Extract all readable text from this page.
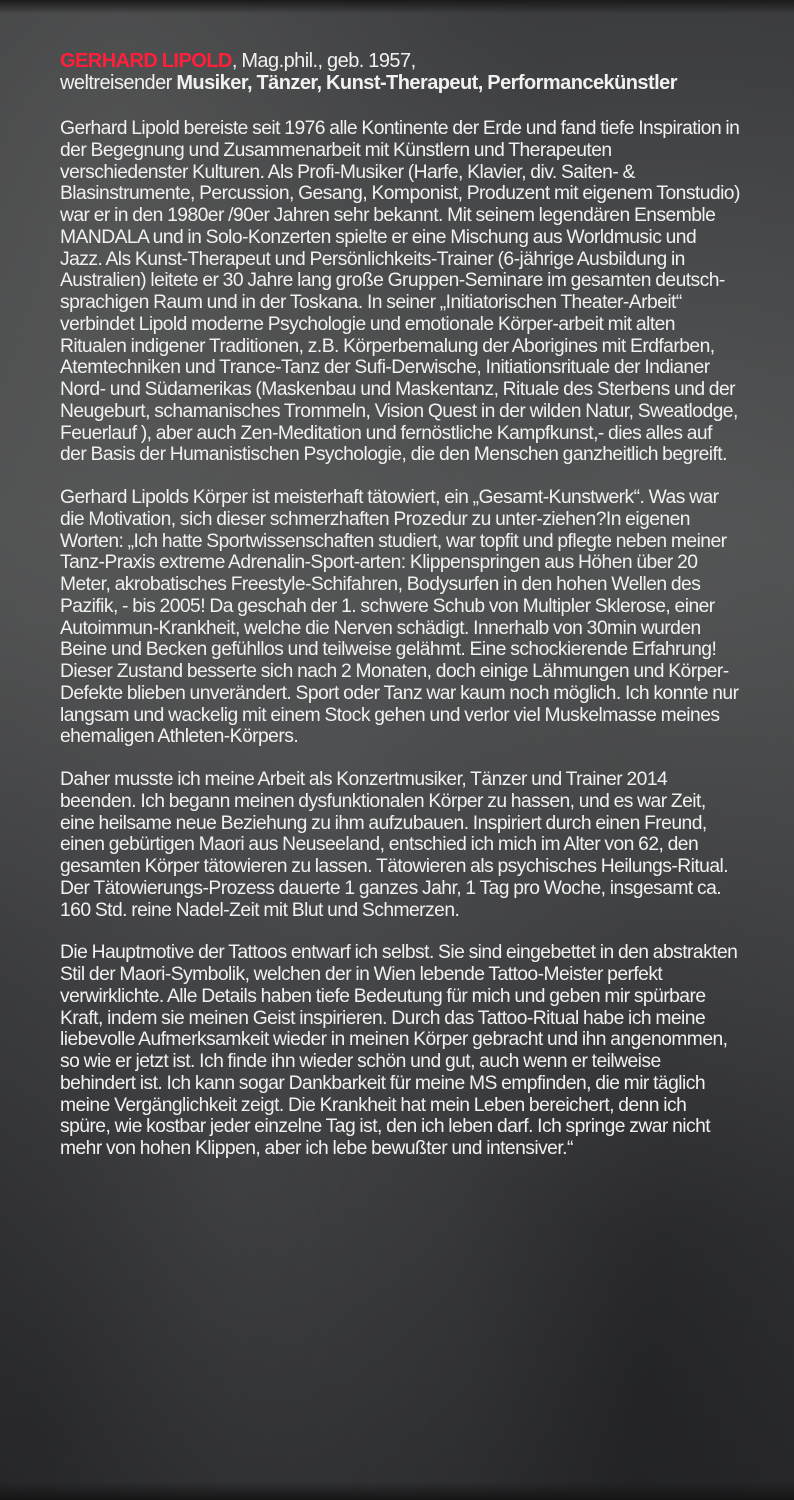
GERHARD LIPOLD, Mag.phil., geb. 1957,
weltreisender Musiker, Tänzer, Kunst-Therapeut, Performancekünstler

Gerhard Lipold bereiste seit 1976 alle Kontinente der Erde und fand tiefe Inspiration in der Begegnung und Zusammenarbeit mit Künstlern und Therapeuten verschiedenster Kulturen. Als Profi-Musiker (Harfe, Klavier, div. Saiten- & Blasinstrumente, Percussion, Gesang, Komponist, Produzent mit eigenem Tonstudio) war er in den 1980er /90er Jahren sehr bekannt. Mit seinem legendären Ensemble MANDALA und in Solo-Konzerten spielte er eine Mischung aus Worldmusic und Jazz. Als Kunst-Therapeut und Persönlichkeits-Trainer (6-jährige Ausbildung in Australien) leitete er 30 Jahre lang große Gruppen-Seminare im gesamten deutsch-sprachigen Raum und in der Toskana. In seiner „Initiatorischen Theater-Arbeit“ verbindet Lipold moderne Psychologie und emotionale Körper-arbeit mit alten Ritualen indigener Traditionen, z.B. Körperbemalung der Aborigines mit Erdfarben, Atemtechniken und Trance-Tanz der Sufi-Derwische, Initiationsrituale der Indianer Nord- und Südamerikas (Maskenbau und Maskentanz, Rituale des Sterbens und der Neugeburt, schamanisches Trommeln, Vision Quest in der wilden Natur, Sweatlodge, Feuerlauf ), aber auch Zen-Meditation und fernöstliche Kampfkunst,- dies alles auf der Basis der Humanistischen Psychologie, die den Menschen ganzheitlich begreift.

Gerhard Lipolds Körper ist meisterhaft tätowiert, ein „Gesamt-Kunstwerk“. Was war die Motivation, sich dieser schmerzhaften Prozedur zu unter-ziehen?In eigenen Worten: „Ich hatte Sportwissenschaften studiert, war topfit und pflegte neben meiner Tanz-Praxis extreme Adrenalin-Sport-arten: Klippenspringen aus Höhen über 20 Meter, akrobatisches Freestyle-Schifahren, Bodysurfen in den hohen Wellen des Pazifik, - bis 2005! Da geschah der 1. schwere Schub von Multipler Sklerose, einer Autoimmun-Krankheit, welche die Nerven schädigt. Innerhalb von 30min wurden Beine und Becken gefühllos und teilweise gelähmt. Eine schockierende Erfahrung! Dieser Zustand besserte sich nach 2 Monaten, doch einige Lähmungen und Körper-Defekte blieben unverändert. Sport oder Tanz war kaum noch möglich. Ich konnte nur langsam und wackelig mit einem Stock gehen und verlor viel Muskelmasse meines ehemaligen Athleten-Körpers.

Daher musste ich meine Arbeit als Konzertmusiker, Tänzer und Trainer 2014 beenden. Ich begann meinen dysfunktionalen Körper zu hassen, und es war Zeit, eine heilsame neue Beziehung zu ihm aufzubauen. Inspiriert durch einen Freund, einen gebürtigen Maori aus Neuseeland, entschied ich mich im Alter von 62, den gesamten Körper tätowieren zu lassen. Tätowieren als psychisches Heilungs-Ritual. Der Tätowierungs-Prozess dauerte 1 ganzes Jahr, 1 Tag pro Woche, insgesamt ca. 160 Std. reine Nadel-Zeit mit Blut und Schmerzen.

Die Hauptmotive der Tattoos entwarf ich selbst. Sie sind eingebettet in den abstrakten Stil der Maori-Symbolik, welchen der in Wien lebende Tattoo-Meister perfekt verwirklichte. Alle Details haben tiefe Bedeutung für mich und geben mir spürbare Kraft, indem sie meinen Geist inspirieren. Durch das Tattoo-Ritual habe ich meine liebevolle Aufmerksamkeit wieder in meinen Körper gebracht und ihn angenommen, so wie er jetzt ist. Ich finde ihn wieder schön und gut, auch wenn er teilweise behindert ist. Ich kann sogar Dankbarkeit für meine MS empfinden, die mir täglich meine Vergänglichkeit zeigt. Die Krankheit hat mein Leben bereichert, denn ich spüre, wie kostbar jeder einzelne Tag ist, den ich leben darf. Ich springe zwar nicht mehr von hohen Klippen, aber ich lebe bewußter und intensiver.“
